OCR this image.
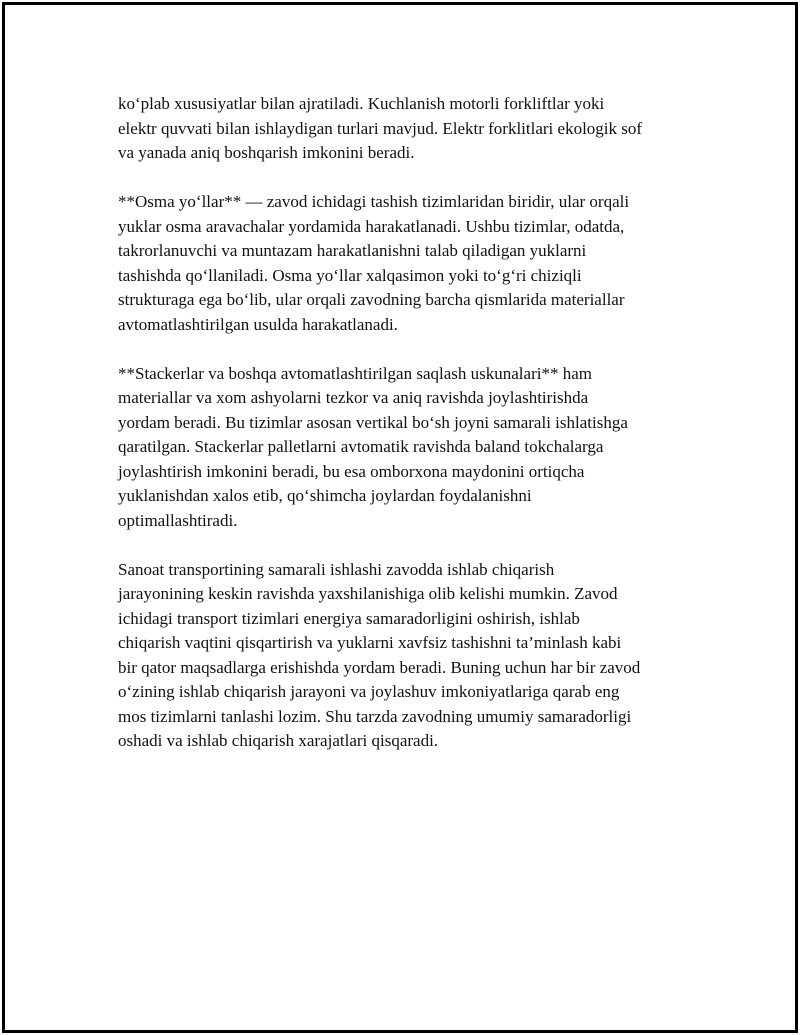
ko‘plab xususiyatlar bilan ajratiladi. Kuchlanish motorli forkliftlar yoki
elektr quvvati bilan ishlaydigan turlari mavjud. Elektr forklitlari ekologik sof
va yanada aniq boshqarish imkonini beradi.

**Osma yo‘llar** — zavod ichidagi tashish tizimlaridan biridir, ular orqali
yuklar osma aravachalar yordamida harakatlanadi. Ushbu tizimlar, odatda,
takrorlanuvchi va muntazam harakatlanishni talab qiladigan yuklarni
tashishda qo‘llaniladi. Osma yo‘llar xalqasimon yoki to‘g‘ri chiziqli
strukturaga ega bo‘lib, ular orqali zavodning barcha qismlarida materiallar
avtomatlashtirilgan usulda harakatlanadi.

**Stackerlar va boshqa avtomatlashtirilgan saqlash uskunalari** ham
materiallar va xom ashyolarni tezkor va aniq ravishda joylashtirishda
yordam beradi. Bu tizimlar asosan vertikal bo‘sh joyni samarali ishlatishga
qaratilgan. Stackerlar palletlarni avtomatik ravishda baland tokchalarga
joylashtirish imkonini beradi, bu esa omborxona maydonini ortiqcha
yuklanishdan xalos etib, qo‘shimcha joylardan foydalanishni
optimallashtiradi.

Sanoat transportining samarali ishlashi zavodda ishlab chiqarish
jarayonining keskin ravishda yaxshilanishiga olib kelishi mumkin. Zavod
ichidagi transport tizimlari energiya samaradorligini oshirish, ishlab
chiqarish vaqtini qisqartirish va yuklarni xavfsiz tashishni ta’minlash kabi
bir qator maqsadlarga erishishda yordam beradi. Buning uchun har bir zavod
o‘zining ishlab chiqarish jarayoni va joylashuv imkoniyatlariga qarab eng
mos tizimlarni tanlashi lozim. Shu tarzda zavodning umumiy samaradorligi
oshadi va ishlab chiqarish xarajatlari qisqaradi.
